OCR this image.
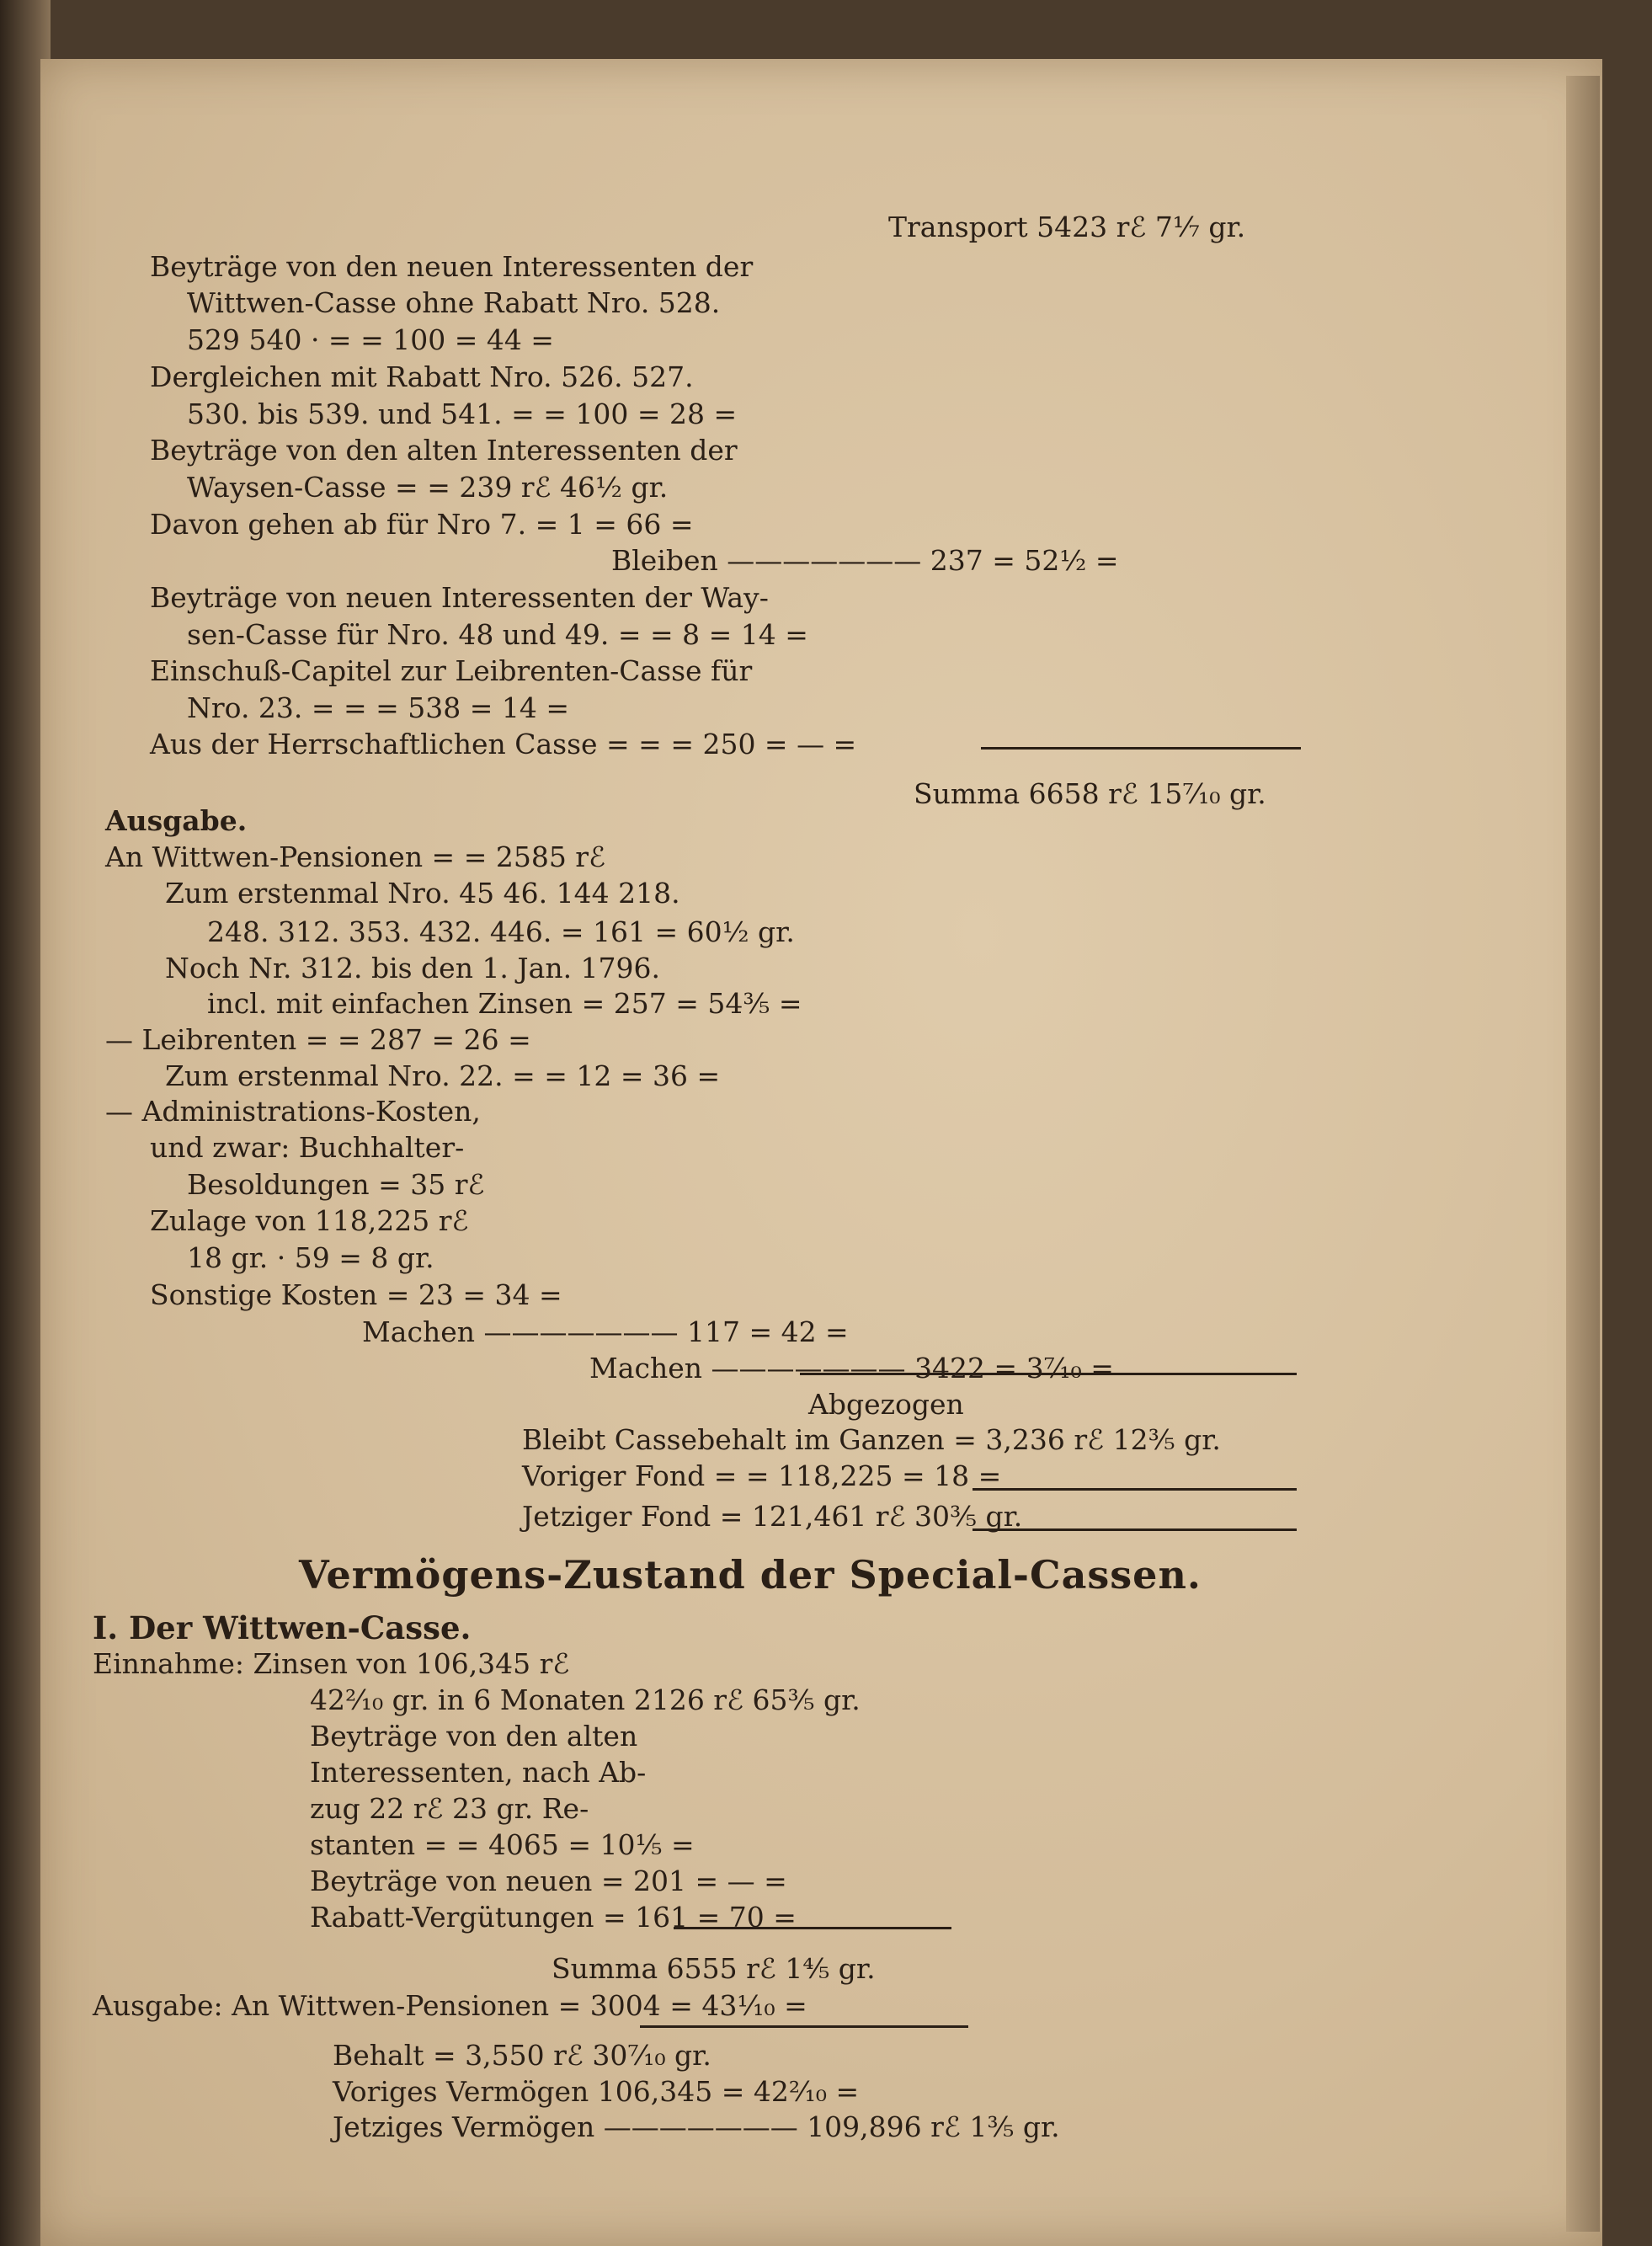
Transport 5423 rℰ 7⅐ gr.
Beyträge von den neuen Interessenten der
Wittwen-Casse ohne Rabatt Nro. 528.
529 540 · = = 100 = 44 =
Dergleichen mit Rabatt Nro. 526. 527.
530. bis 539. und 541. = = 100 = 28 =
Beyträge von den alten Interessenten der
Waysen-Casse = = 239 rℰ 46½ gr.
Davon gehen ab für Nro 7. = 1 = 66 =
Bleiben ——————— 237 = 52½ =
Beyträge von neuen Interessenten der Way-
sen-Casse für Nro. 48 und 49. = = 8 = 14 =
Einschuß-Capitel zur Leibrenten-Casse für
Nro. 23. = = = 538 = 14 =
Aus der Herrschaftlichen Casse = = = 250 = — =
Summa 6658 rℰ 15⁷⁄₁₀ gr.
Ausgabe.
An Wittwen-Pensionen = = 2585 rℰ
Zum erstenmal Nro. 45 46. 144 218.
248. 312. 353. 432. 446. = 161 = 60½ gr.
Noch Nr. 312. bis den 1. Jan. 1796.
incl. mit einfachen Zinsen = 257 = 54⅗ =
— Leibrenten = = 287 = 26 =
Zum erstenmal Nro. 22. = = 12 = 36 =
— Administrations-Kosten,
und zwar: Buchhalter-
Besoldungen = 35 rℰ
Zulage von 118,225 rℰ
18 gr. · 59 = 8 gr.
Sonstige Kosten = 23 = 34 =
Machen ——————— 117 = 42 =
Machen ——————— 3422 = 3⁷⁄₁₀ =
Abgezogen
Bleibt Cassebehalt im Ganzen = 3,236 rℰ 12⅗ gr.
Voriger Fond = = 118,225 = 18 =
Jetziger Fond = 121,461 rℰ 30⅗ gr.
Vermögens-Zustand der Special-Cassen.
I. Der Wittwen-Casse.
Einnahme: Zinsen von 106,345 rℰ
42²⁄₁₀ gr. in 6 Monaten 2126 rℰ 65⅗ gr.
Beyträge von den alten
Interessenten, nach Ab-
zug 22 rℰ 23 gr. Re-
stanten = = 4065 = 10⅕ =
Beyträge von neuen = 201 = — =
Rabatt-Vergütungen = 161 = 70 =
Summa 6555 rℰ 1⅘ gr.
Ausgabe: An Wittwen-Pensionen = 3004 = 43¹⁄₁₀ =
Behalt = 3,550 rℰ 30⁷⁄₁₀ gr.
Voriges Vermögen 106,345 = 42²⁄₁₀ =
Jetziges Vermögen ——————— 109,896 rℰ 1⅗ gr.
